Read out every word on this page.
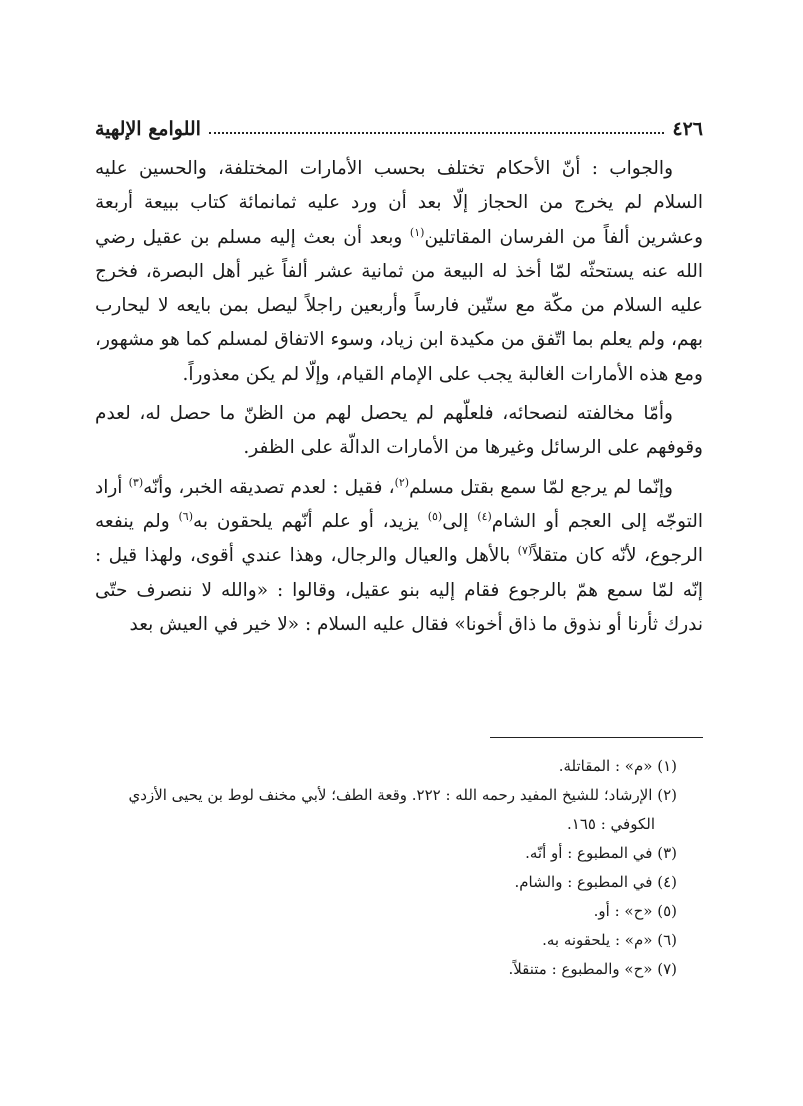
٤٢٦
اللوامع الإلهية

والجواب : أنّ الأحكام تختلف بحسب الأمارات المختلفة، والحسين عليه السلام لم يخرج من الحجاز إلّا بعد أن ورد عليه ثمانمائة كتاب ببيعة أربعة وعشرين ألفاً من الفرسان المقاتلين$^{(١)}$ وبعد أن بعث إليه مسلم بن عقيل رضي الله عنه يستحثّه لمّا أخذ له البيعة من ثمانية عشر ألفاً غير أهل البصرة، فخرج عليه السلام من مكّة مع ستّين فارساً وأربعين راجلاً ليصل بمن بايعه لا ليحارب بهم، ولم يعلم بما اتّفق من مكيدة ابن زياد، وسوء الاتفاق لمسلم كما هو مشهور، ومع هذه الأمارات الغالبة يجب على الإمام القيام، وإلّا لم يكن معذوراً.

وأمّا مخالفته لنصحائه، فلعلّهم لم يحصل لهم من الظنّ ما حصل له، لعدم وقوفهم على الرسائل وغيرها من الأمارات الدالّة على الظفر.

وإنّما لم يرجع لمّا سمع بقتل مسلم$^{(٢)}$، فقيل : لعدم تصديقه الخبر، وأنّه$^{(٣)}$ أراد التوجّه إلى العجم أو الشام$^{(٤)}$ إلى$^{(٥)}$ يزيد، أو علم أنّهم يلحقون به$^{(٦)}$ ولم ينفعه الرجوع، لأنّه كان متقلاً$^{(٧)}$ بالأهل والعيال والرجال، وهذا عندي أقوى، ولهذا قيل : إنّه لمّا سمع همّ بالرجوع فقام إليه بنو عقيل، وقالوا : «والله لا ننصرف حتّى ندرك ثأرنا أو نذوق ما ذاق أخونا» فقال عليه السلام : «لا خير في العيش بعد

(١) «م» : المقاتلة.

(٢) الإرشاد؛ للشيخ المفيد رحمه الله : ٢٢٢. وقعة الطف؛ لأبي مخنف لوط بن يحيى الأزدي
الكوفي : ١٦٥.

(٣) في المطبوع : أو أنّه.

(٤) في المطبوع : والشام.

(٥) «ح» : أو.

(٦) «م» : يلحقونه به.

(٧) «ح» والمطبوع : متنقلاً.
